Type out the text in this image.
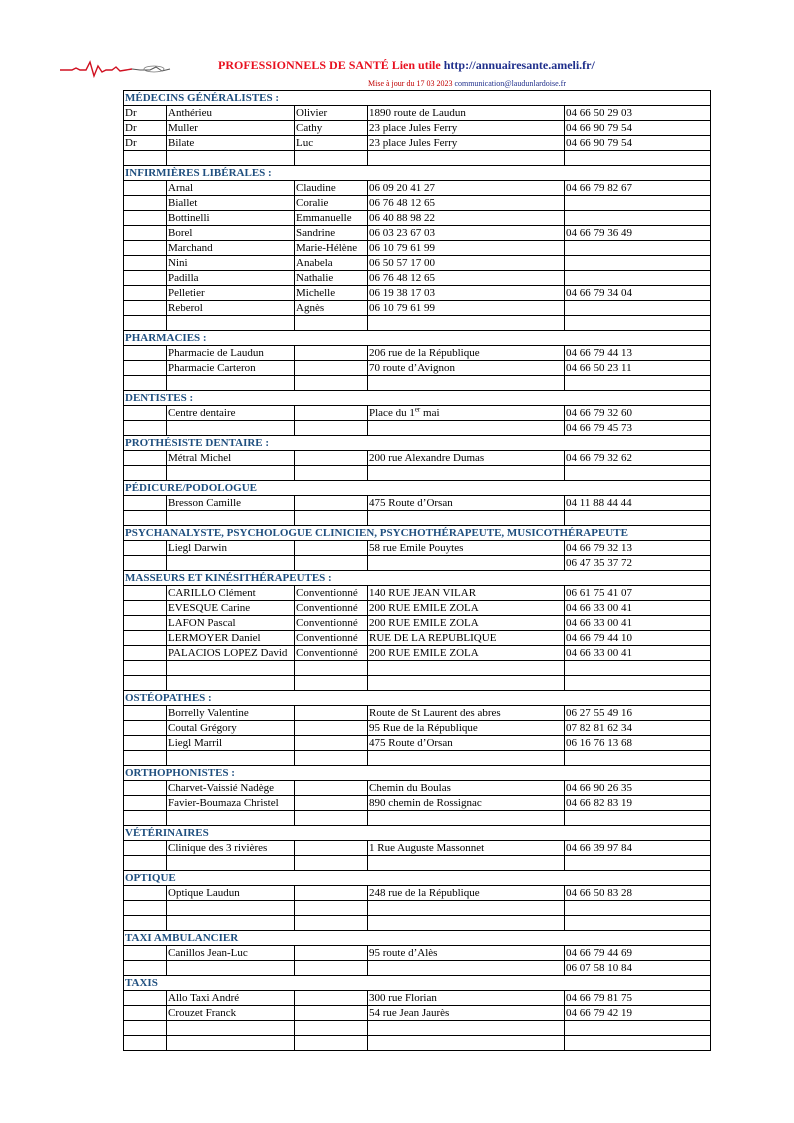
PROFESSIONNELS DE SANTÉ Lien utile http://annuairesante.ameli.fr/
Mise à jour du 17 03 2023 communication@laudunlardoise.fr
MÉDECINS GÉNÉRALISTES :				
Dr	Anthérieu	Olivier	1890 route de Laudun	04 66 50 29 03
Dr	Muller	Cathy	23 place Jules Ferry	04 66 90 79 54
Dr	Bilate	Luc	23 place Jules Ferry	04 66 90 79 54

INFIRMIÈRES LIBÉRALES :				
	Arnal	Claudine	06 09 20 41 27	04 66 79 82 67
	Biallet	Coralie	06 76 48 12 65	
	Bottinelli	Emmanuelle	06 40 88 98 22	
	Borel	Sandrine	06 03 23 67 03	04 66 79 36 49
	Marchand	Marie-Hélène	06 10 79 61 99	
	Nini	Anabela	06 50 57 17 00	
	Padilla	Nathalie	06 76 48 12 65	
	Pelletier	Michelle	06 19 38 17 03	04 66 79 34 04
	Reberol	Agnès	06 10 79 61 99	

PHARMACIES :				
	Pharmacie de Laudun		206 rue de la République	04 66 79 44 13
	Pharmacie Carteron		70 route d’Avignon	04 66 50 23 11

DENTISTES :				
	Centre dentaire		Place du 1er mai	04 66 79 32 60
				04 66 79 45 73
PROTHÉSISTE DENTAIRE :				
	Métral Michel		200 rue Alexandre Dumas	04 66 79 32 62

PÉDICURE/PODOLOGUE				
	Bresson Camille		475 Route d’Orsan	04 11 88 44 44

PSYCHANALYSTE, PSYCHOLOGUE CLINICIEN, PSYCHOTHÉRAPEUTE, MUSICOTHÉRAPEUTE				
	Liegl Darwin		58 rue Emile Pouytes	04 66 79 32 13
				06 47 35 37 72
MASSEURS ET KINÉSITHÉRAPEUTES :				
	CARILLO Clément	Conventionné	140 RUE JEAN VILAR	06 61 75 41 07
	EVESQUE Carine	Conventionné	200 RUE EMILE ZOLA	04 66 33 00 41
	LAFON Pascal	Conventionné	200 RUE EMILE ZOLA	04 66 33 00 41
	LERMOYER Daniel	Conventionné	RUE DE LA REPUBLIQUE	04 66 79 44 10
	PALACIOS LOPEZ David	Conventionné	200 RUE EMILE ZOLA	04 66 33 00 41

OSTÉOPATHES :				
	Borrelly Valentine		Route de St Laurent des abres	06 27 55 49 16
	Coutal Grégory		95 Rue de la République	07 82 81 62 34
	Liegl Marril		475 Route d’Orsan	06 16 76 13 68

ORTHOPHONISTES :				
	Charvet-Vaissié Nadège		Chemin du Boulas	04 66 90 26 35
	Favier-Boumaza Christel		890 chemin de Rossignac	04 66 82 83 19

VÉTÉRINAIRES				
	Clinique des 3 rivières		1 Rue Auguste Massonnet	04 66 39 97 84

OPTIQUE				
	Optique Laudun		248 rue de la République	04 66 50 83 28

TAXI AMBULANCIER				
	Canillos Jean-Luc		95 route d’Alès	04 66 79 44 69
				06 07 58 10 84
TAXIS				
	Allo Taxi André		300 rue Florian	04 66 79 81 75
	Crouzet Franck		54 rue Jean Jaurès	04 66 79 42 19
